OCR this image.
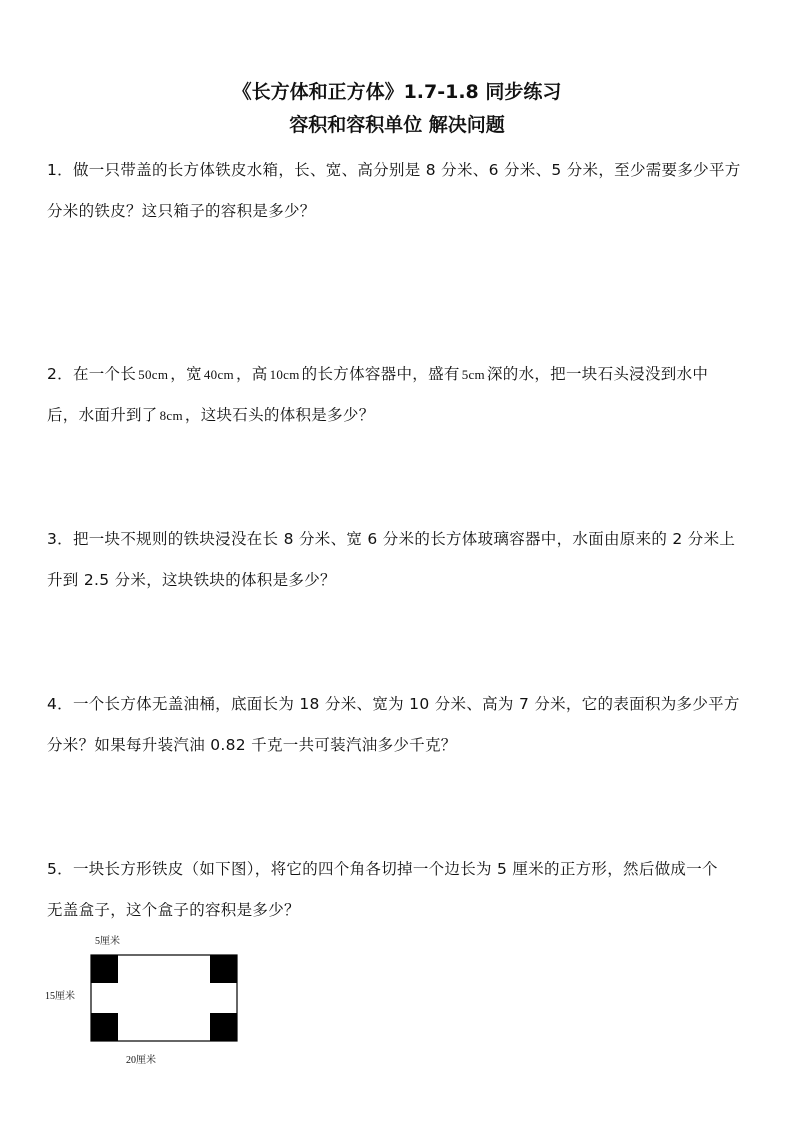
《长方体和正方体》1.7-1.8 同步练习
容积和容积单位 解决问题

1．做一只带盖的长方体铁皮水箱，长、宽、高分别是 8 分米、6 分米、5 分米，至少需要多少平方

分米的铁皮？这只箱子的容积是多少？

2．在一个长 50cm ，宽 40cm ，高 10cm 的长方体容器中，盛有 5cm 深的水，把一块石头浸没到水中

后，水面升到了 8cm ，这块石头的体积是多少？

3．把一块不规则的铁块浸没在长 8 分米、宽 6 分米的长方体玻璃容器中，水面由原来的 2 分米上

升到 2.5 分米，这块铁块的体积是多少？

4．一个长方体无盖油桶，底面长为 18 分米、宽为 10 分米、高为 7 分米，它的表面积为多少平方

分米？如果每升装汽油 0.82 千克一共可装汽油多少千克？

5．一块长方形铁皮（如下图），将它的四个角各切掉一个边长为 5 厘米的正方形，然后做成一个

无盖盒子，这个盒子的容积是多少？

5厘米
15厘米
20厘米
